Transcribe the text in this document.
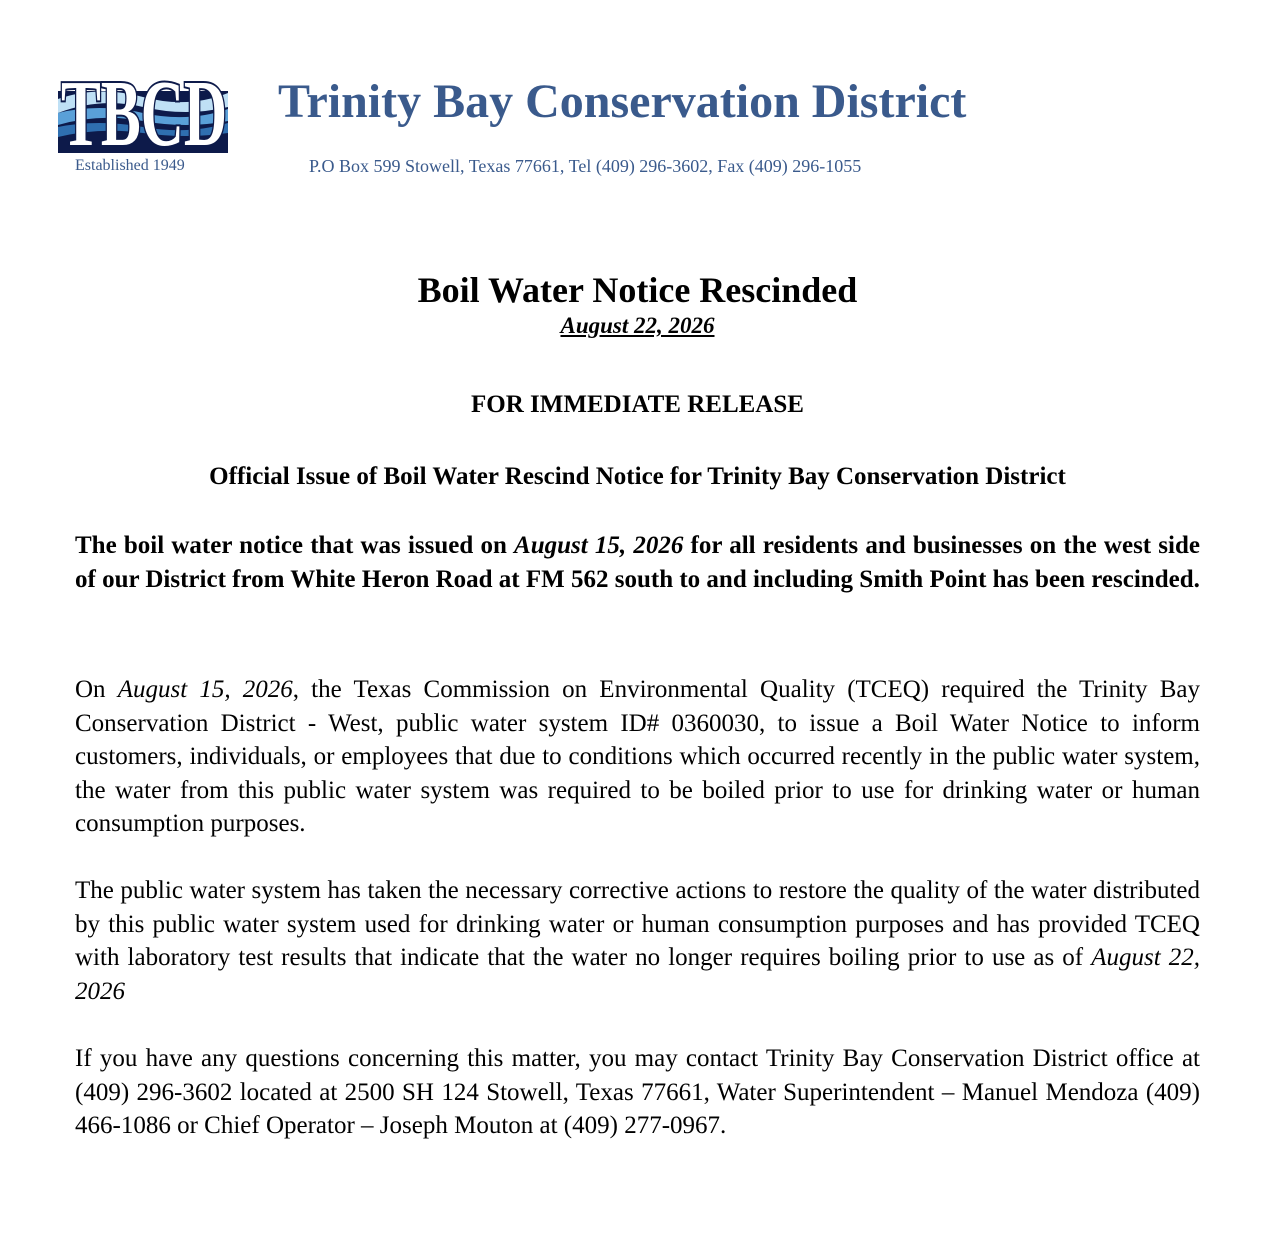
TBCD
Established 1949
Trinity Bay Conservation District
P.O Box 599 Stowell, Texas 77661, Tel (409) 296-3602, Fax (409) 296-1055
Boil Water Notice Rescinded
August 22, 2026
FOR IMMEDIATE RELEASE
Official Issue of Boil Water Rescind Notice for Trinity Bay Conservation District

The boil water notice that was issued on August 15, 2026 for all residents and businesses on the west side of our District from White Heron Road at FM 562 south to and including Smith Point has been rescinded.

On August 15, 2026, the Texas Commission on Environmental Quality (TCEQ) required the Trinity Bay Conservation District - West, public water system ID# 0360030, to issue a Boil Water Notice to inform customers, individuals, or employees that due to conditions which occurred recently in the public water system, the water from this public water system was required to be boiled prior to use for drinking water or human consumption purposes.

The public water system has taken the necessary corrective actions to restore the quality of the water distributed by this public water system used for drinking water or human consumption purposes and has provided TCEQ with laboratory test results that indicate that the water no longer requires boiling prior to use as of August 22, 2026

If you have any questions concerning this matter, you may contact Trinity Bay Conservation District office at (409) 296-3602 located at 2500 SH 124 Stowell, Texas 77661, Water Superintendent – Manuel Mendoza (409) 466-1086 or Chief Operator – Joseph Mouton at (409) 277-0967.
